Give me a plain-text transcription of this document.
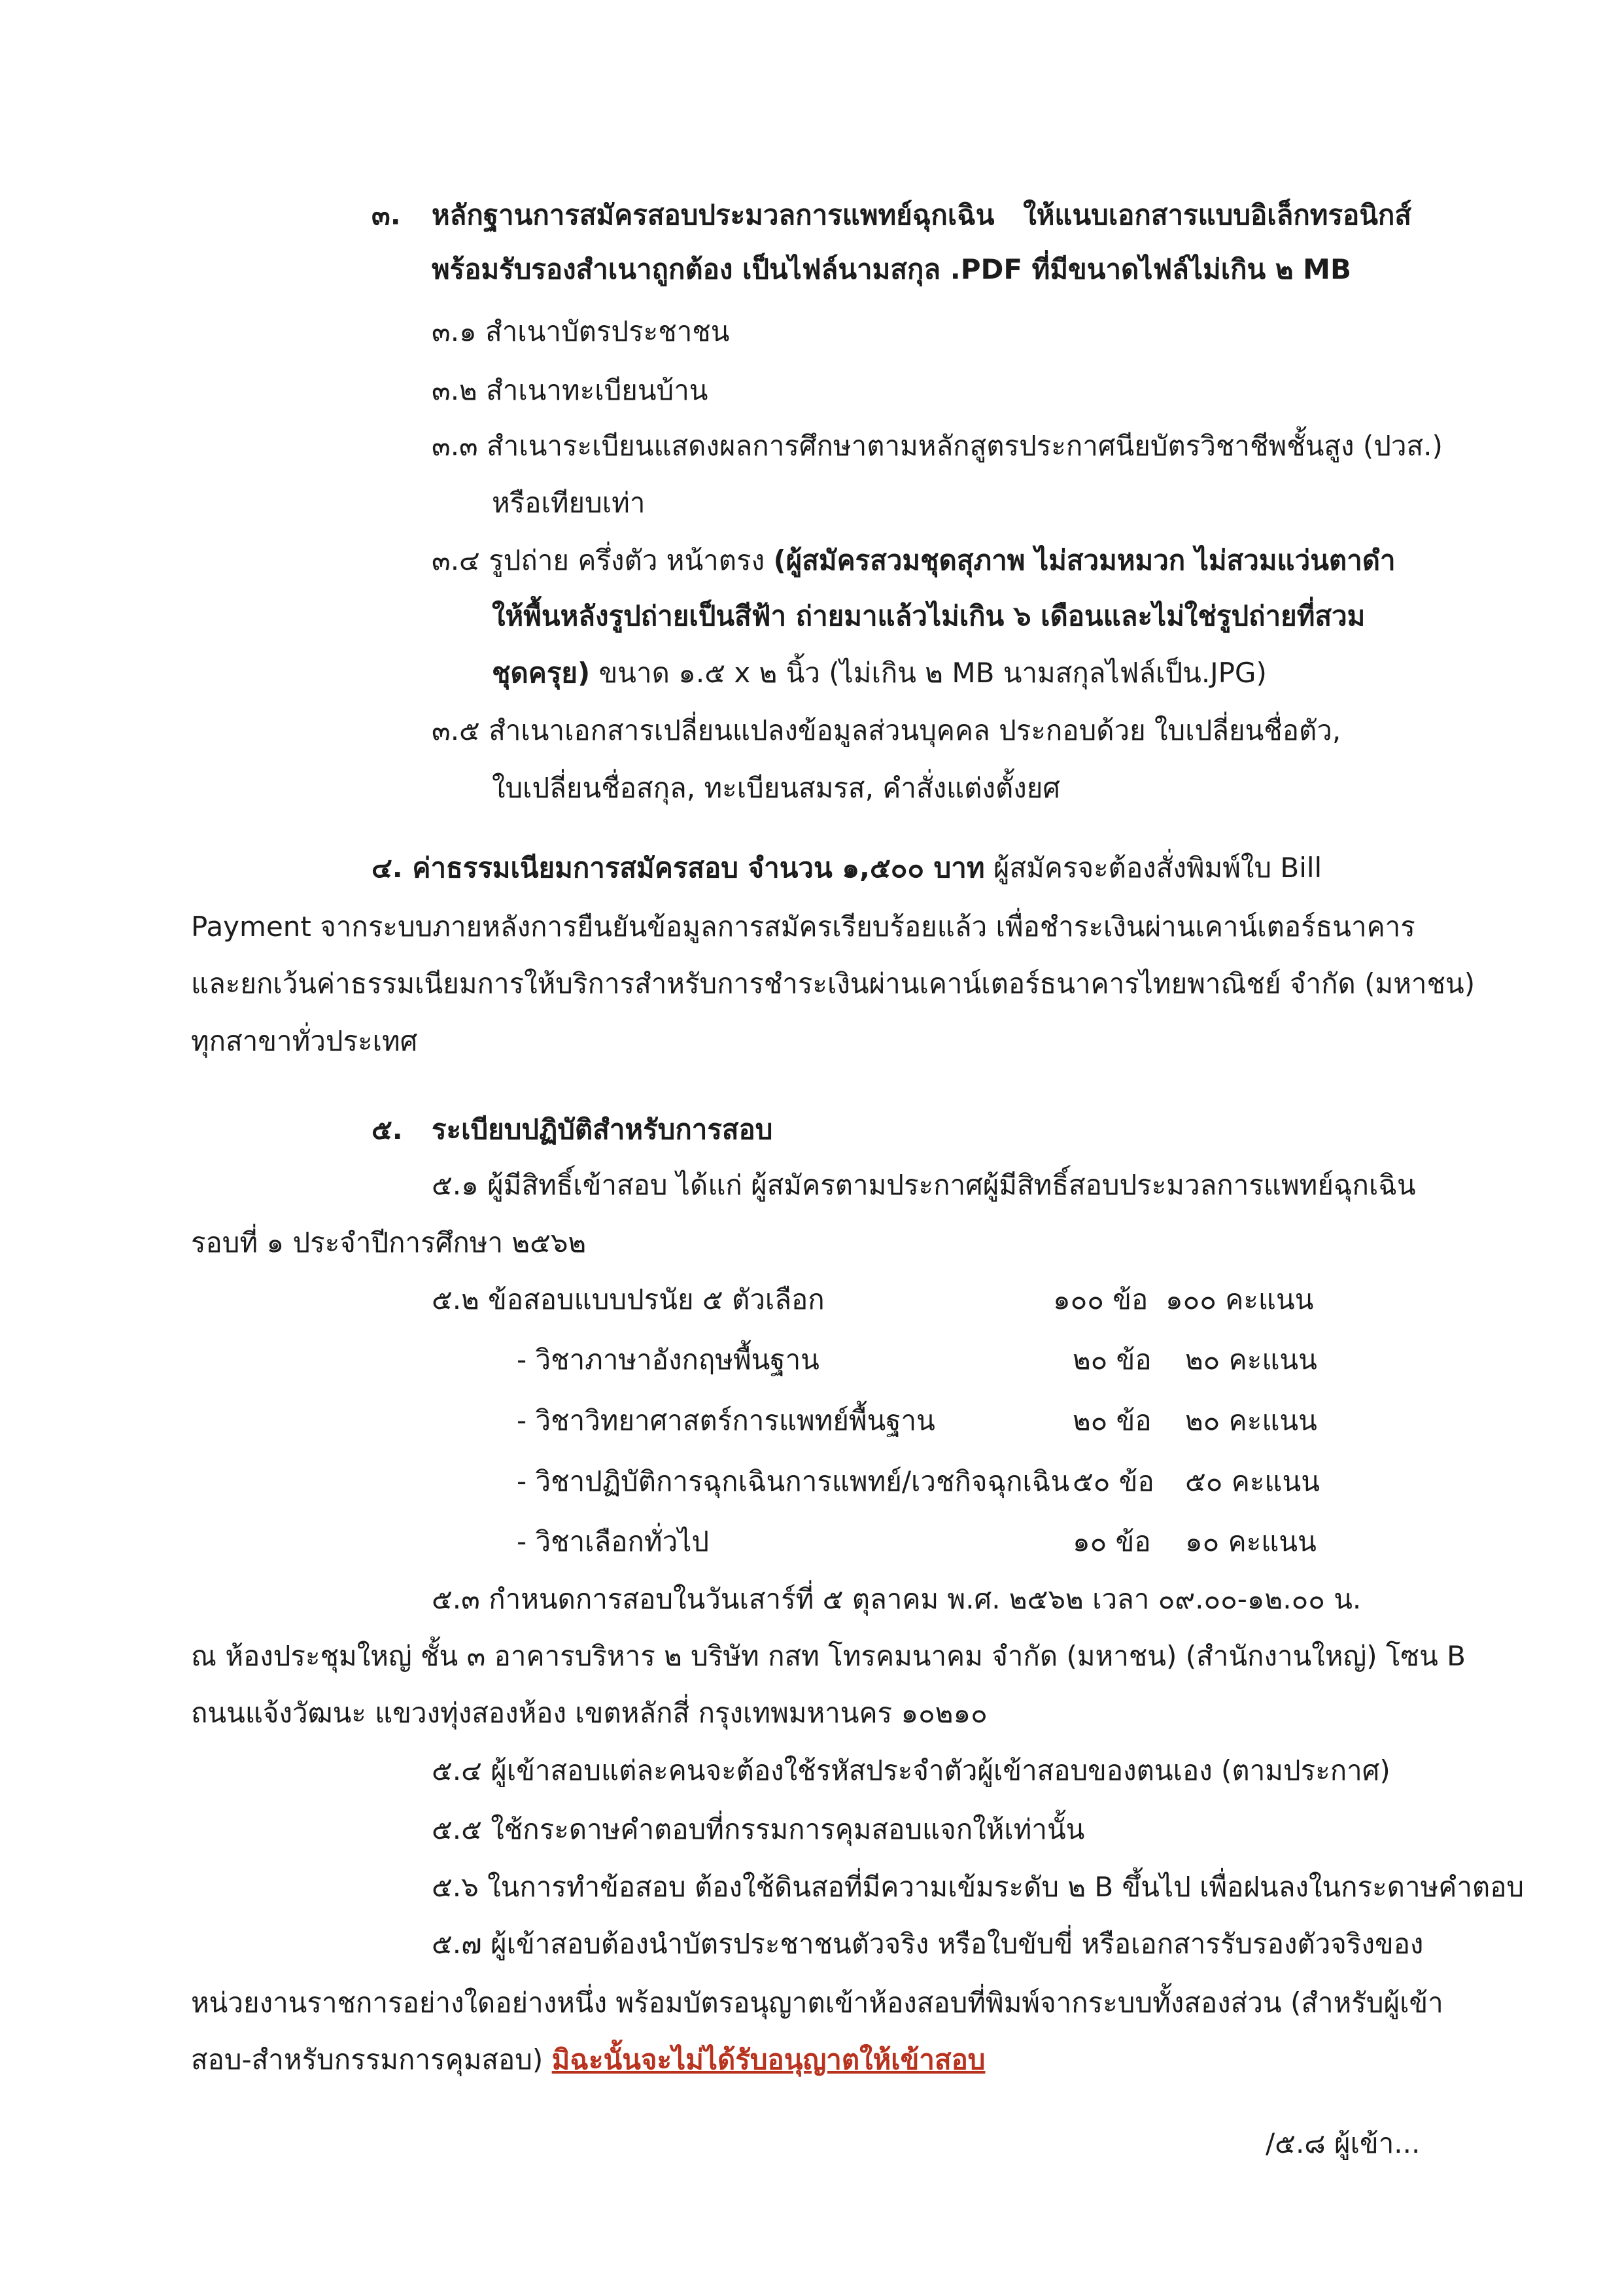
๓. หลักฐานการสมัครสอบประมวลการแพทย์ฉุกเฉิน ให้แนบเอกสารแบบอิเล็กทรอนิกส์
พร้อมรับรองสำเนาถูกต้อง เป็นไฟล์นามสกุล .PDF ที่มีขนาดไฟล์ไม่เกิน ๒ MB
๓.๑ สำเนาบัตรประชาชน
๓.๒ สำเนาทะเบียนบ้าน
๓.๓ สำเนาระเบียนแสดงผลการศึกษาตามหลักสูตรประกาศนียบัตรวิชาชีพชั้นสูง (ปวส.)
หรือเทียบเท่า
๓.๔ รูปถ่าย ครึ่งตัว หน้าตรง (ผู้สมัครสวมชุดสุภาพ ไม่สวมหมวก ไม่สวมแว่นตาดำ
ให้พื้นหลังรูปถ่ายเป็นสีฟ้า ถ่ายมาแล้วไม่เกิน ๖ เดือนและไม่ใช่รูปถ่ายที่สวม
ชุดครุย) ขนาด ๑.๕ x ๒ นิ้ว (ไม่เกิน ๒ MB นามสกุลไฟล์เป็น.JPG)
๓.๕ สำเนาเอกสารเปลี่ยนแปลงข้อมูลส่วนบุคคล ประกอบด้วย ใบเปลี่ยนชื่อตัว,
ใบเปลี่ยนชื่อสกุล, ทะเบียนสมรส, คำสั่งแต่งตั้งยศ
๔. ค่าธรรมเนียมการสมัครสอบ จำนวน ๑,๕๐๐ บาท ผู้สมัครจะต้องสั่งพิมพ์ใบ Bill
Payment จากระบบภายหลังการยืนยันข้อมูลการสมัครเรียบร้อยแล้ว เพื่อชำระเงินผ่านเคาน์เตอร์ธนาคาร
และยกเว้นค่าธรรมเนียมการให้บริการสำหรับการชำระเงินผ่านเคาน์เตอร์ธนาคารไทยพาณิชย์ จำกัด (มหาชน)
ทุกสาขาทั่วประเทศ
๕. ระเบียบปฏิบัติสำหรับการสอบ
๕.๑ ผู้มีสิทธิ์เข้าสอบ ได้แก่ ผู้สมัครตามประกาศผู้มีสิทธิ์สอบประมวลการแพทย์ฉุกเฉิน
รอบที่ ๑ ประจำปีการศึกษา ๒๕๖๒
๕.๒ ข้อสอบแบบปรนัย ๕ ตัวเลือก	๑๐๐ ข้อ ๑๐๐ คะแนน
- วิชาภาษาอังกฤษพื้นฐาน	๒๐ ข้อ ๒๐ คะแนน
- วิชาวิทยาศาสตร์การแพทย์พื้นฐาน	๒๐ ข้อ ๒๐ คะแนน
- วิชาปฏิบัติการฉุกเฉินการแพทย์/เวชกิจฉุกเฉิน ๕๐ ข้อ ๕๐ คะแนน
- วิชาเลือกทั่วไป	๑๐ ข้อ ๑๐ คะแนน
๕.๓ กำหนดการสอบในวันเสาร์ที่ ๕ ตุลาคม พ.ศ. ๒๕๖๒ เวลา ๐๙.๐๐-๑๒.๐๐ น.
ณ ห้องประชุมใหญ่ ชั้น ๓ อาคารบริหาร ๒ บริษัท กสท โทรคมนาคม จำกัด (มหาชน) (สำนักงานใหญ่) โซน B
ถนนแจ้งวัฒนะ แขวงทุ่งสองห้อง เขตหลักสี่ กรุงเทพมหานคร ๑๐๒๑๐
๕.๔ ผู้เข้าสอบแต่ละคนจะต้องใช้รหัสประจำตัวผู้เข้าสอบของตนเอง (ตามประกาศ)
๕.๕ ใช้กระดาษคำตอบที่กรรมการคุมสอบแจกให้เท่านั้น
๕.๖ ในการทำข้อสอบ ต้องใช้ดินสอที่มีความเข้มระดับ ๒ B ขึ้นไป เพื่อฝนลงในกระดาษคำตอบ
๕.๗ ผู้เข้าสอบต้องนำบัตรประชาชนตัวจริง หรือใบขับขี่ หรือเอกสารรับรองตัวจริงของ
หน่วยงานราชการอย่างใดอย่างหนึ่ง พร้อมบัตรอนุญาตเข้าห้องสอบที่พิมพ์จากระบบทั้งสองส่วน (สำหรับผู้เข้า
สอบ-สำหรับกรรมการคุมสอบ) มิฉะนั้นจะไม่ได้รับอนุญาตให้เข้าสอบ
/๕.๘ ผู้เข้า...
